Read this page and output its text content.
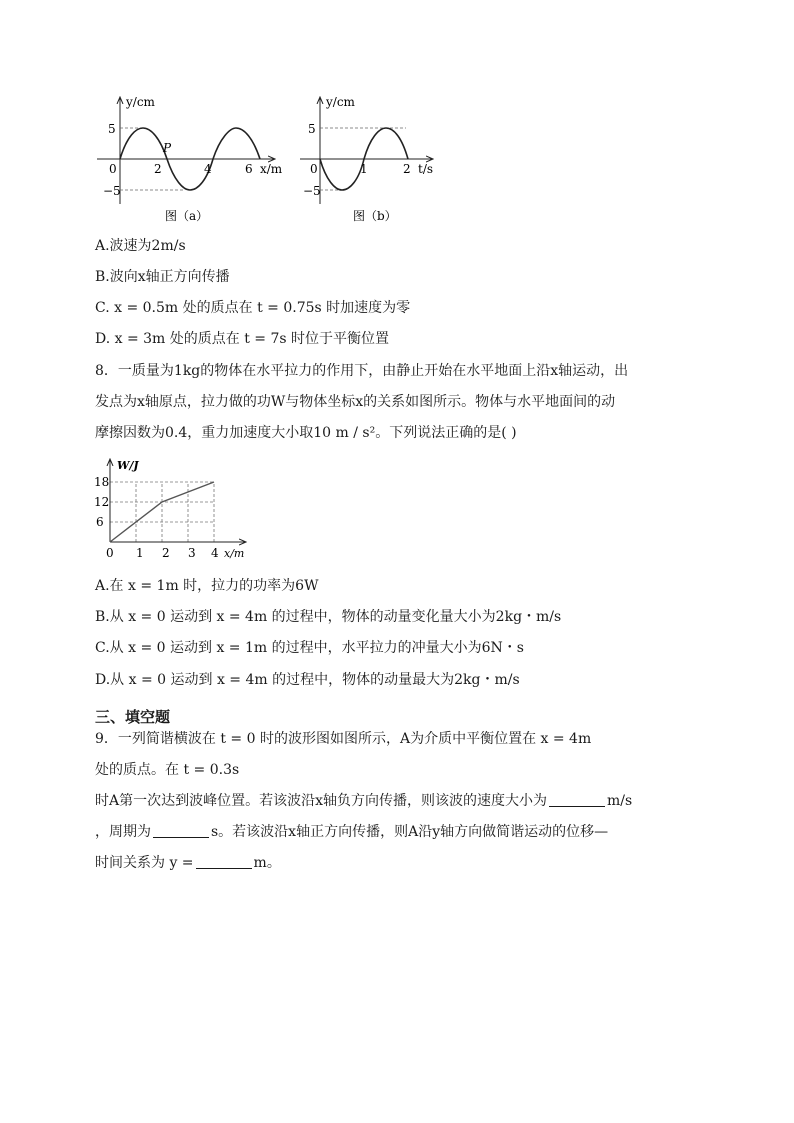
y/cm
x/m
5
−5
0	2	4	6
P
图（a）
y/cm
t/s
5
−5
0	1	2
图（b）
A.波速为2m/s
B.波向x轴正方向传播
C. x = 0.5m 处的质点在 t = 0.75s 时加速度为零
D. x = 3m 处的质点在 t = 7s 时位于平衡位置
8．一质量为1kg的物体在水平拉力的作用下，由静止开始在水平地面上沿x轴运动，出
发点为x轴原点，拉力做的功W与物体坐标x的关系如图所示。物体与水平地面间的动
摩擦因数为0.4，重力加速度大小取10 m / s²。下列说法正确的是( )
W/J
x/m
6
12
18
0 1 2 3 4
A.在 x = 1m 时，拉力的功率为6W
B.从 x = 0 运动到 x = 4m 的过程中，物体的动量变化量大小为2kg・m/s
C.从 x = 0 运动到 x = 1m 的过程中，水平拉力的冲量大小为6N・s
D.从 x = 0 运动到 x = 4m 的过程中，物体的动量最大为2kg・m/s
三、填空题
9．一列简谐横波在 t = 0 时的波形图如图所示，A为介质中平衡位置在 x = 4m
处的质点。在 t = 0.3s
时A第一次达到波峰位置。若该波沿x轴负方向传播，则该波的速度大小为	m/s
，周期为	s。若该波沿x轴正方向传播，则A沿y轴方向做简谐运动的位移—
时间关系为 y =	m。
